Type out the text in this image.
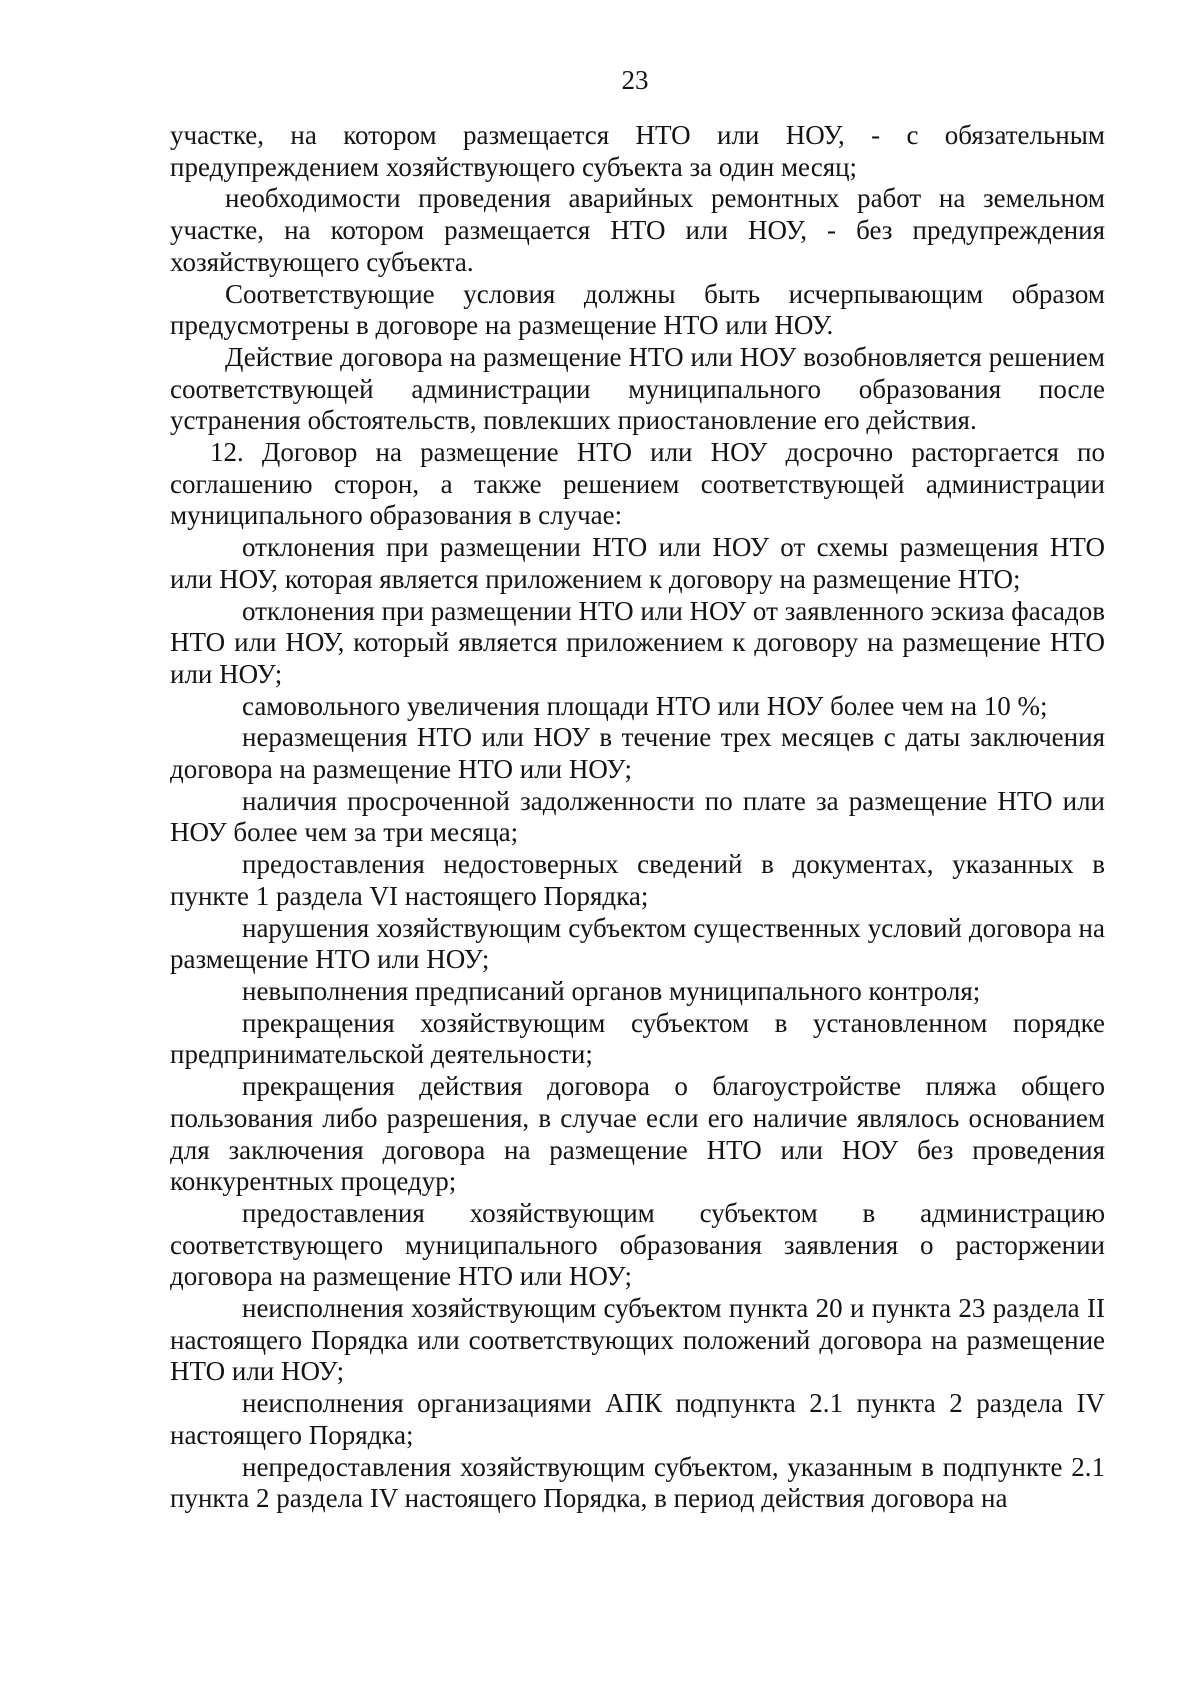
23

участке, на котором размещается НТО или НОУ, - с обязательным предупреждением хозяйствующего субъекта за один месяц;

необходимости проведения аварийных ремонтных работ на земельном участке, на котором размещается НТО или НОУ, - без предупреждения хозяйствующего субъекта.

Соответствующие условия должны быть исчерпывающим образом предусмотрены в договоре на размещение НТО или НОУ.

Действие договора на размещение НТО или НОУ возобновляется решением соответствующей администрации муниципального образования после устранения обстоятельств, повлекших приостановление его действия.

12. Договор на размещение НТО или НОУ досрочно расторгается по соглашению сторон, а также решением соответствующей администрации муниципального образования в случае:

отклонения при размещении НТО или НОУ от схемы размещения НТО или НОУ, которая является приложением к договору на размещение НТО;

отклонения при размещении НТО или НОУ от заявленного эскиза фасадов НТО или НОУ, который является приложением к договору на размещение НТО или НОУ;

самовольного увеличения площади НТО или НОУ более чем на 10 %;

неразмещения НТО или НОУ в течение трех месяцев с даты заключения договора на размещение НТО или НОУ;

наличия просроченной задолженности по плате за размещение НТО или НОУ более чем за три месяца;

предоставления недостоверных сведений в документах, указанных в пункте 1 раздела VI настоящего Порядка;

нарушения хозяйствующим субъектом существенных условий договора на размещение НТО или НОУ;

невыполнения предписаний органов муниципального контроля;

прекращения хозяйствующим субъектом в установленном порядке предпринимательской деятельности;

прекращения действия договора о благоустройстве пляжа общего пользования либо разрешения, в случае если его наличие являлось основанием для заключения договора на размещение НТО или НОУ без проведения конкурентных процедур;

предоставления хозяйствующим субъектом в администрацию соответствующего муниципального образования заявления о расторжении договора на размещение НТО или НОУ;

неисполнения хозяйствующим субъектом пункта 20 и пункта 23 раздела II настоящего Порядка или соответствующих положений договора на размещение НТО или НОУ;

неисполнения организациями АПК подпункта 2.1 пункта 2 раздела IV настоящего Порядка;

непредоставления хозяйствующим субъектом, указанным в подпункте 2.1 пункта 2 раздела IV настоящего Порядка, в период действия договора на
